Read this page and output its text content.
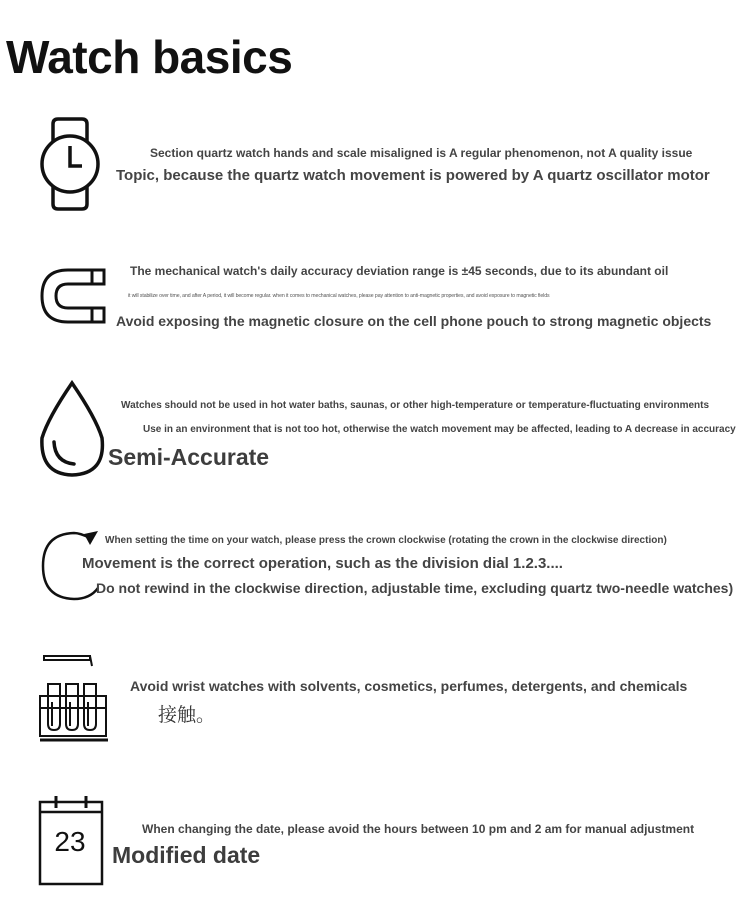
Watch basics

Section quartz watch hands and scale misaligned is A regular phenomenon, not A quality issue

Topic, because the quartz watch movement is powered by A quartz oscillator motor

The mechanical watch's daily accuracy deviation range is ±45 seconds, due to its abundant oil

it will stabilize over time, and after A period, it will become regular. when it comes to mechanical watches, please pay attention to anti-magnetic properties, and avoid exposure to magnetic fields

Avoid exposing the magnetic closure on the cell phone pouch to strong magnetic objects

Watches should not be used in hot water baths, saunas, or other high-temperature or temperature-fluctuating environments

Use in an environment that is not too hot, otherwise the watch movement may be affected, leading to A decrease in accuracy

Semi-Accurate

When setting the time on your watch, please press the crown clockwise (rotating the crown in the clockwise direction)

Movement is the correct operation, such as the division dial 1.2.3....

Do not rewind in the clockwise direction, adjustable time, excluding quartz two-needle watches)

Avoid wrist watches with solvents, cosmetics, perfumes, detergents, and chemicals

接触。

23	When changing the date, please avoid the hours between 10 pm and 2 am for manual adjustment

Modified date
